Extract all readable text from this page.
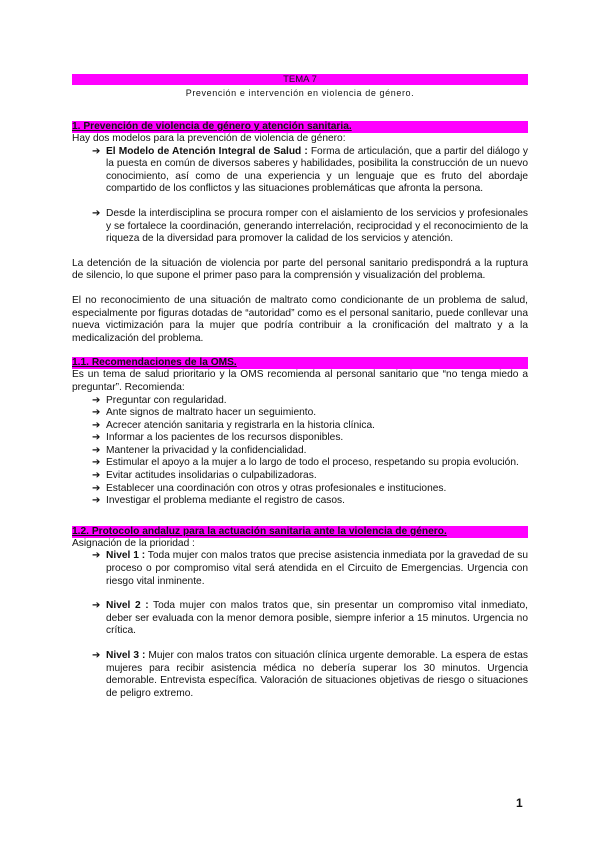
TEMA 7
Prevención e intervención en violencia de género.
1. Prevención de violencia de género y atención sanitaria.
Hay dos modelos para la prevención de violencia de género:
➔ El Modelo de Atención Integral de Salud : Forma de articulación, que a partir del diálogo y la puesta en común de diversos saberes y habilidades, posibilita la construcción de un nuevo conocimiento, así como de una experiencia y un lenguaje que es fruto del abordaje compartido de los conflictos y las situaciones problemáticas que afronta la persona.
➔ Desde la interdisciplina se procura romper con el aislamiento de los servicios y profesionales y se fortalece la coordinación, generando interrelación, reciprocidad y el reconocimiento de la riqueza de la diversidad para promover la calidad de los servicios y atención.
La detención de la situación de violencia por parte del personal sanitario predispondrá a la ruptura de silencio, lo que supone el primer paso para la comprensión y visualización del problema.
El no reconocimiento de una situación de maltrato como condicionante de un problema de salud, especialmente por figuras dotadas de “autoridad” como es el personal sanitario, puede conllevar una nueva victimización para la mujer que podría contribuir a la cronificación del maltrato y a la medicalización del problema.
1.1. Recomendaciones de la OMS.
Es un tema de salud prioritario y la OMS recomienda al personal sanitario que “no tenga miedo a preguntar”. Recomienda:
➔ Preguntar con regularidad.
➔ Ante signos de maltrato hacer un seguimiento.
➔ Acrecer atención sanitaria y registrarla en la historia clínica.
➔ Informar a los pacientes de los recursos disponibles.
➔ Mantener la privacidad y la confidencialidad.
➔ Estimular el apoyo a la mujer a lo largo de todo el proceso, respetando su propia evolución.
➔ Evitar actitudes insolidarias o culpabilizadoras.
➔ Establecer una coordinación con otros y otras profesionales e instituciones.
➔ Investigar el problema mediante el registro de casos.
1.2. Protocolo andaluz para la actuación sanitaria ante la violencia de género.
Asignación de la prioridad :
➔ Nivel 1 : Toda mujer con malos tratos que precise asistencia inmediata por la gravedad de su proceso o por compromiso vital será atendida en el Circuito de Emergencias. Urgencia con riesgo vital inminente.
➔ Nivel 2 : Toda mujer con malos tratos que, sin presentar un compromiso vital inmediato, deber ser evaluada con la menor demora posible, siempre inferior a 15 minutos. Urgencia no crítica.
➔ Nivel 3 : Mujer con malos tratos con situación clínica urgente demorable. La espera de estas mujeres para recibir asistencia médica no debería superar los 30 minutos. Urgencia demorable. Entrevista específica. Valoración de situaciones objetivas de riesgo o situaciones de peligro extremo.
1
